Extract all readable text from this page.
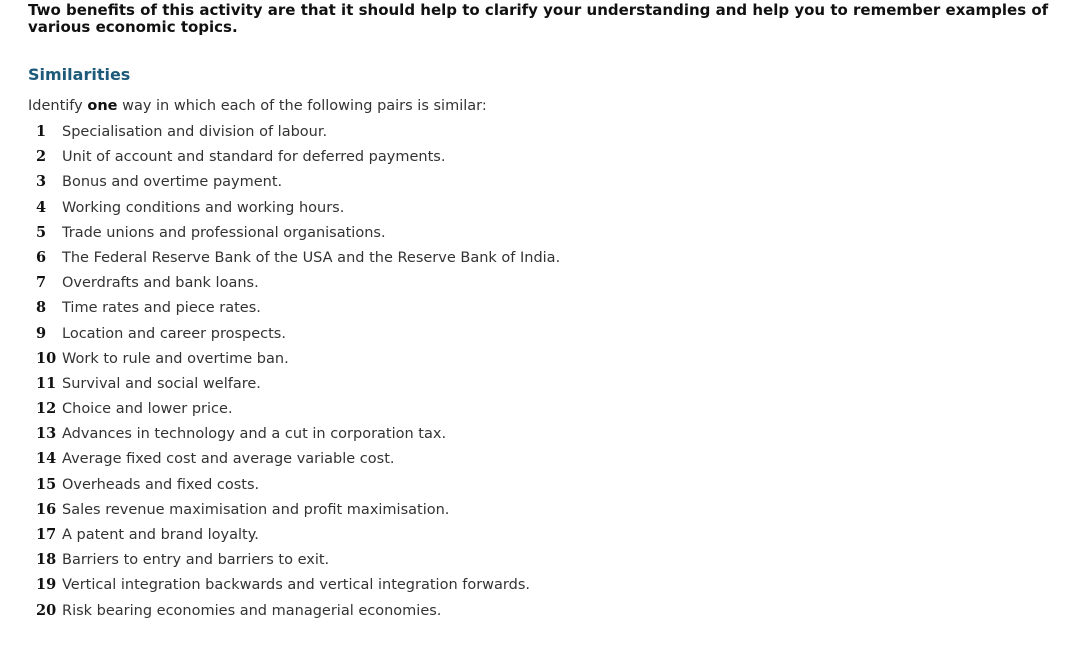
Two benefits of this activity are that it should help to clarify your understanding and help you to remember examples of various economic topics.
Similarities
Identify one way in which each of the following pairs is similar:
1 Specialisation and division of labour.
2 Unit of account and standard for deferred payments.
3 Bonus and overtime payment.
4 Working conditions and working hours.
5 Trade unions and professional organisations.
6 The Federal Reserve Bank of the USA and the Reserve Bank of India.
7 Overdrafts and bank loans.
8 Time rates and piece rates.
9 Location and career prospects.
10 Work to rule and overtime ban.
11 Survival and social welfare.
12 Choice and lower price.
13 Advances in technology and a cut in corporation tax.
14 Average fixed cost and average variable cost.
15 Overheads and fixed costs.
16 Sales revenue maximisation and profit maximisation.
17 A patent and brand loyalty.
18 Barriers to entry and barriers to exit.
19 Vertical integration backwards and vertical integration forwards.
20 Risk bearing economies and managerial economies.
